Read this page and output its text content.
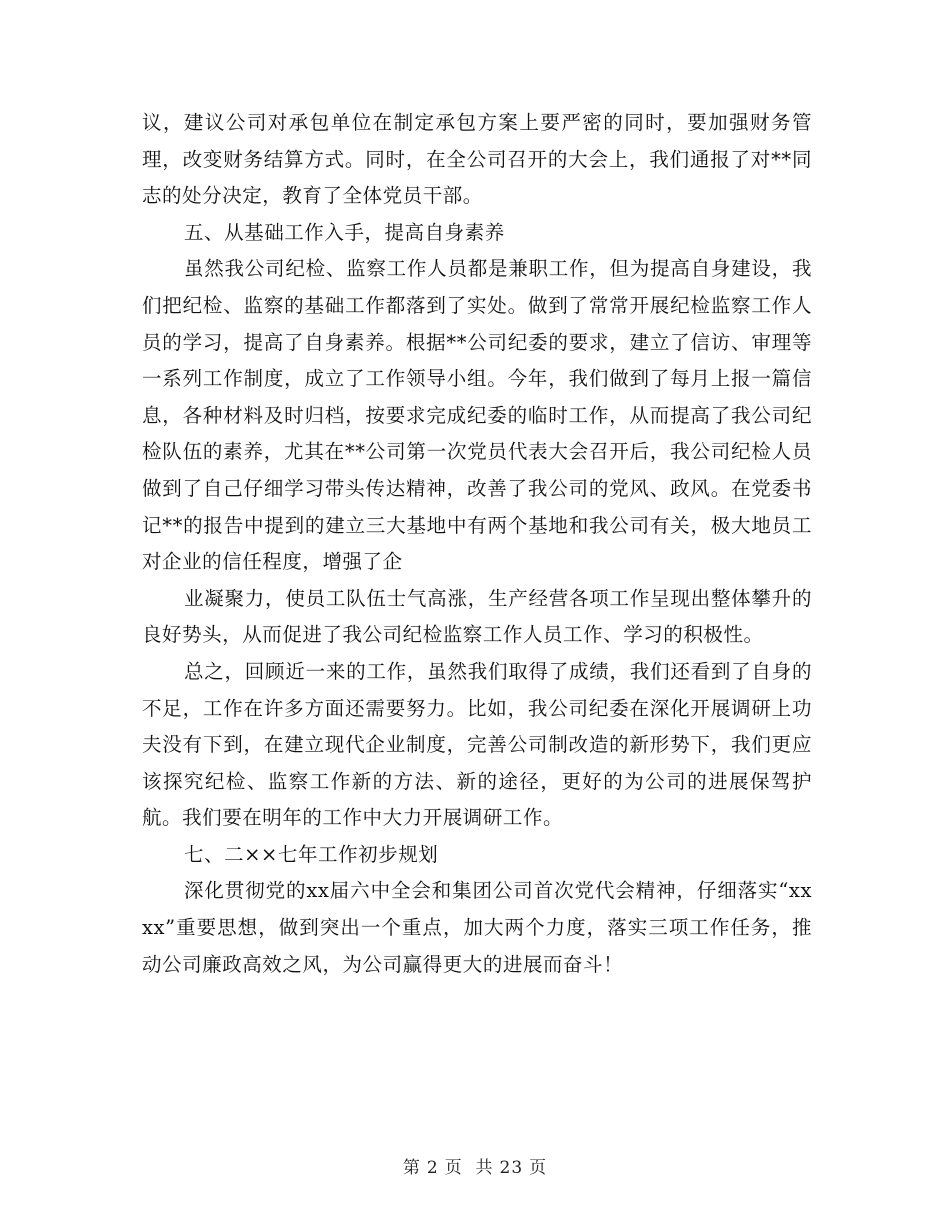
议，建议公司对承包单位在制定承包方案上要严密的同时，要加强财务管理，改变财务结算方式。同时，在全公司召开的大会上，我们通报了对**同志的处分决定，教育了全体党员干部。

五、从基础工作入手，提高自身素养

虽然我公司纪检、监察工作人员都是兼职工作，但为提高自身建设，我们把纪检、监察的基础工作都落到了实处。做到了常常开展纪检监察工作人员的学习，提高了自身素养。根据**公司纪委的要求，建立了信访、审理等一系列工作制度，成立了工作领导小组。今年，我们做到了每月上报一篇信息，各种材料及时归档，按要求完成纪委的临时工作，从而提高了我公司纪检队伍的素养，尤其在**公司第一次党员代表大会召开后，我公司纪检人员做到了自己仔细学习带头传达精神，改善了我公司的党风、政风。在党委书记**的报告中提到的建立三大基地中有两个基地和我公司有关，极大地员工对企业的信任程度，增强了企

业凝聚力，使员工队伍士气高涨，生产经营各项工作呈现出整体攀升的良好势头，从而促进了我公司纪检监察工作人员工作、学习的积极性。

总之，回顾近一来的工作，虽然我们取得了成绩，我们还看到了自身的不足，工作在许多方面还需要努力。比如，我公司纪委在深化开展调研上功夫没有下到，在建立现代企业制度，完善公司制改造的新形势下，我们更应该探究纪检、监察工作新的方法、新的途径，更好的为公司的进展保驾护航。我们要在明年的工作中大力开展调研工作。

七、二××七年工作初步规划

深化贯彻党的xx届六中全会和集团公司首次党代会精神，仔细落实“xxxx”重要思想，做到突出一个重点，加大两个力度，落实三项工作任务，推动公司廉政高效之风，为公司赢得更大的进展而奋斗！

第 2 页  共 23 页
